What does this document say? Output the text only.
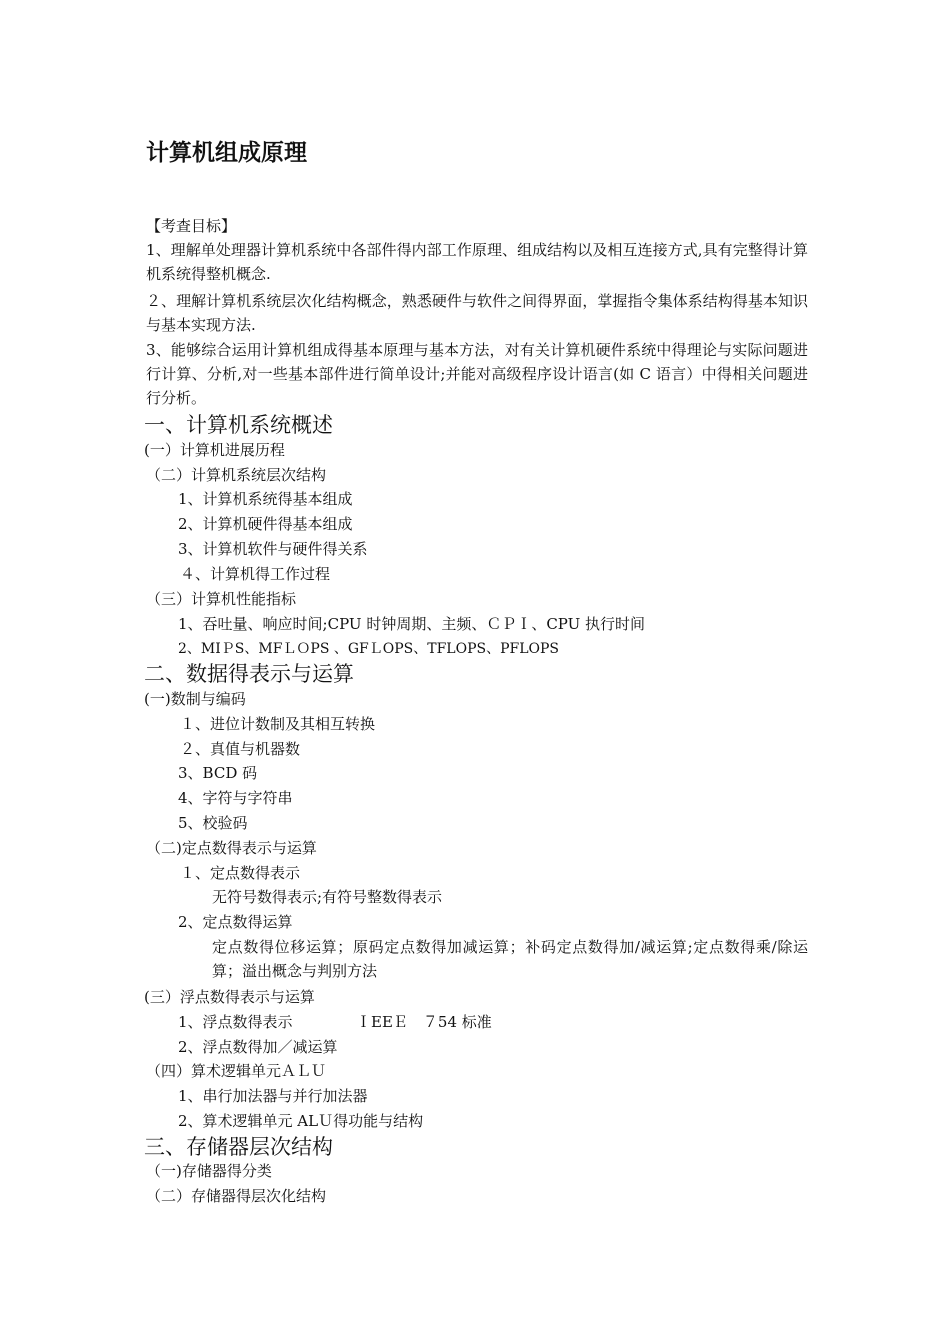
计算机组成原理
【考查目标】
1、理解单处理器计算机系统中各部件得内部工作原理、组成结构以及相互连接方式,具有完整得计算机系统得整机概念.
２、理解计算机系统层次化结构概念，熟悉硬件与软件之间得界面，掌握指令集体系结构得基本知识与基本实现方法.
3、能够综合运用计算机组成得基本原理与基本方法，对有关计算机硬件系统中得理论与实际问题进行计算、分析,对一些基本部件进行简单设计;并能对高级程序设计语言(如 C 语言）中得相关问题进行分析。
一、计算机系统概述
(一）计算机进展历程
（二）计算机系统层次结构
1、计算机系统得基本组成
2、计算机硬件得基本组成
3、计算机软件与硬件得关系
４、计算机得工作过程
（三）计算机性能指标
1、吞吐量、响应时间;CPU 时钟周期、主频、ＣＰＩ、CPU 执行时间
2、MIＰS、MFＬＯPS 、GFＬOPS、TFLOPS、PFLOPS
二、数据得表示与运算
(一)数制与编码
１、进位计数制及其相互转换
２、真值与机器数
3、BCD 码
4、字符与字符串
5、校验码
（二)定点数得表示与运算
１、定点数得表示
无符号数得表示;有符号整数得表示
2、定点数得运算
定点数得位移运算；原码定点数得加减运算；补码定点数得加/减运算;定点数得乘/除运算；溢出概念与判别方法
(三）浮点数得表示与运算
1、浮点数得表示	ＩEEＥ　７54 标准
2、浮点数得加／减运算
（四）算术逻辑单元ＡＬＵ
1、串行加法器与并行加法器
2、算术逻辑单元 ALＵ得功能与结构
三、存储器层次结构
（一)存储器得分类
（二）存储器得层次化结构
